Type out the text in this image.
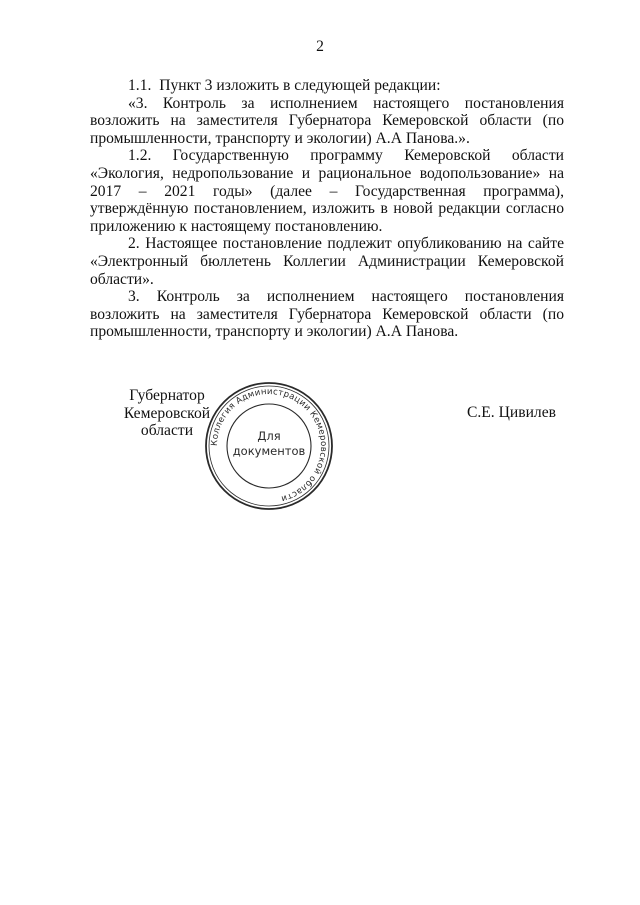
2

1.1.  Пункт 3 изложить в следующей редакции:

«3. Контроль за исполнением настоящего постановления возложить на заместителя Губернатора Кемеровской области (по промышленности, транспорту и экологии) А.А Панова.».

1.2. Государственную программу Кемеровской области «Экология, недропользование и рациональное водопользование» на 2017 – 2021 годы» (далее – Государственная программа), утверждённую постановлением, изложить в новой редакции согласно приложению к настоящему постановлению.

2. Настоящее постановление подлежит опубликованию на сайте «Электронный бюллетень Коллегии Администрации Кемеровской области».

3. Контроль за исполнением настоящего постановления возложить на заместителя Губернатора Кемеровской области (по промышленности, транспорту и экологии) А.А Панова.

Губернатор
Кемеровской области
С.Е. Цивилев
Коллегия Администрации Кемеровской области
Для
документов
